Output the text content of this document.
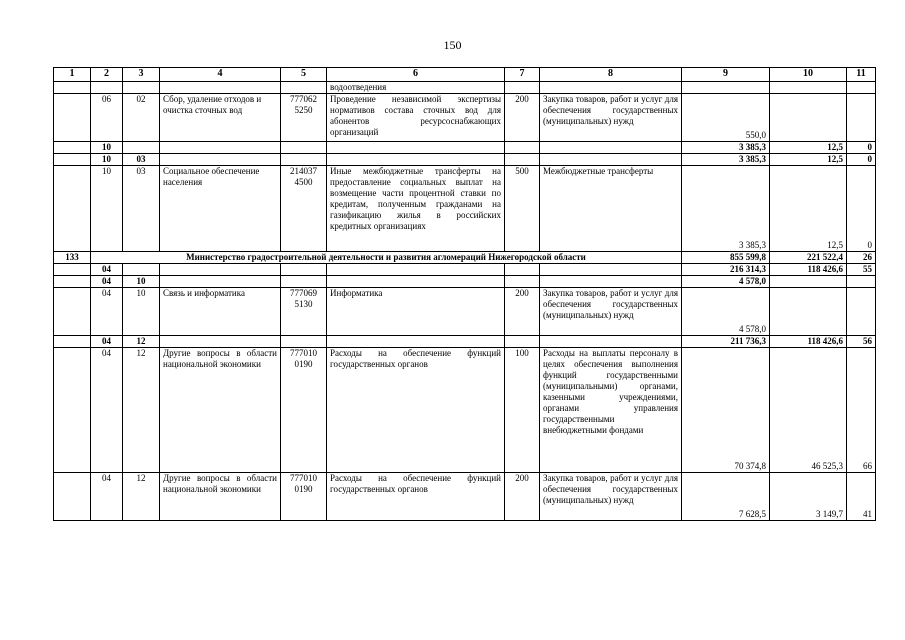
150
1	2	3	4	5	6	7	8	9	10	11
					водоотведения					
	06	02	Сбор, удаление отходов и очистка сточных вод	777062 5250	Проведение независимой экспертизы нормативов состава сточных вод для абонентов ресурсоснабжающих организаций	200	Закупка товаров, работ и услуг для обеспечения государственных (муниципальных) нужд	550,0		
	10							3 385,3	12,5	0
	10	03						3 385,3	12,5	0
	10	03	Социальное обеспечение населения	214037 4500	Иные межбюджетные трансферты на предоставление социальных выплат на возмещение части процентной ставки по кредитам, полученным гражданами на газификацию жилья в российских кредитных организациях	500	Межбюджетные трансферты	3 385,3	12,5	0
133	Министерство градостроительной деятельности и развития агломераций Нижегородской области							855 599,8	221 522,4	26
	04							216 314,3	118 426,6	55
	04	10						4 578,0		
	04	10	Связь и информатика	777069 5130	Информатика	200	Закупка товаров, работ и услуг для обеспечения государственных (муниципальных) нужд	4 578,0		
	04	12						211 736,3	118 426,6	56
	04	12	Другие вопросы в области национальной экономики	777010 0190	Расходы на обеспечение функций государственных органов	100	Расходы на выплаты персоналу в целях обеспечения выполнения функций государственными (муниципальными) органами, казенными учреждениями, органами управления государственными внебюджетными фондами	70 374,8	46 525,3	66
	04	12	Другие вопросы в области национальной экономики	777010 0190	Расходы на обеспечение функций государственных органов	200	Закупка товаров, работ и услуг для обеспечения государственных (муниципальных) нужд	7 628,5	3 149,7	41
